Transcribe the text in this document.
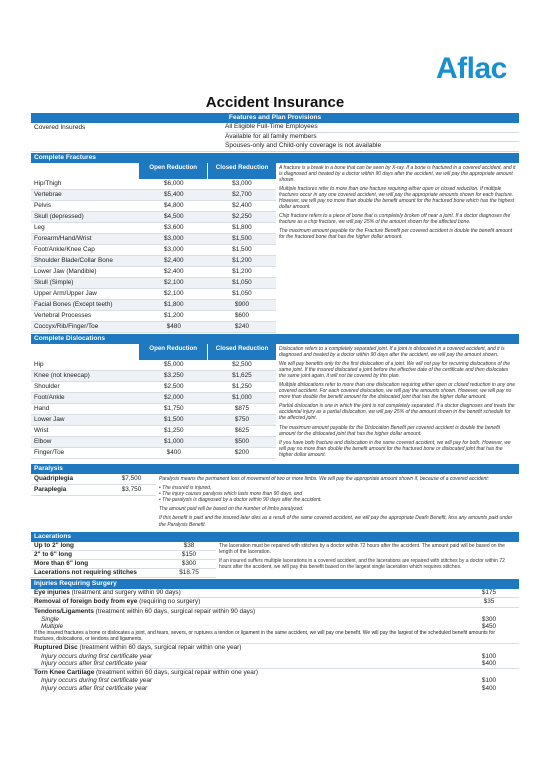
Aflac
Accident Insurance
Features and Plan Provisions
Covered Insureds	All Eligible Full-Time Employees
Available for all family members
Spouses-only and Child-only coverage is not available
Complete Fractures
Open Reduction	Closed Reduction
Hip/Thigh	$6,000	$3,000
Vertebrae	$5,400	$2,700
Pelvis	$4,800	$2,400
Skull (depressed)	$4,500	$2,250
Leg	$3,600	$1,800
Forearm/Hand/Wrist	$3,000	$1,500
Foot/Ankle/Knee Cap	$3,000	$1,500
Shoulder Blade/Collar Bone	$2,400	$1,200
Lower Jaw (Mandible)	$2,400	$1,200
Skull (Simple)	$2,100	$1,050
Upper Arm/Upper Jaw	$2,100	$1,050
Facial Bones (Except teeth)	$1,800	$900
Vertebral Processes	$1,200	$600
Coccyx/Rib/Finger/Toe	$480	$240

A fracture is a break in a bone that can be seen by X-ray. If a bone is fractured in a covered accident, and it is diagnosed and treated by a doctor within 90 days after the accident, we will pay the appropriate amount shown.

Multiple fractures refer to more than one fracture requiring either open or closed reduction. If multiple fractures occur in any one covered accident, we will pay the appropriate amounts shown for each fracture. However, we will pay no more than double the benefit amount for the fractured bone which has the highest dollar amount.

Chip fracture refers to a piece of bone that is completely broken off near a joint. If a doctor diagnoses the fracture as a chip fracture, we will pay 25% of the amount shown for the affected bone.

The maximum amount payable for the Fracture Benefit per covered accident is double the benefit amount for the fractured bone that has the higher dollar amount.

Complete Dislocations
Open Reduction	Closed Reduction
Hip	$5,000	$2,500
Knee (not kneecap)	$3,250	$1,625
Shoulder	$2,500	$1,250
Foot/Ankle	$2,000	$1,000
Hand	$1,750	$875
Lower Jaw	$1,500	$750
Wrist	$1,250	$625
Elbow	$1,000	$500
Finger/Toe	$400	$200

Dislocation refers to a completely separated joint. If a joint is dislocated in a covered accident, and it is diagnosed and treated by a doctor within 90 days after the accident, we will pay the amount shown.

We will pay benefits only for the first dislocation of a joint. We will not pay for recurring dislocations of the same joint. If the insured dislocated a joint before the effective date of the certificate and then dislocates the same joint again, it will not be covered by this plan.

Multiple dislocations refer to more than one dislocation requiring either open or closed reduction in any one covered accident. For each covered dislocation, we will pay the amounts shown. However, we will pay no more than double the benefit amount for the dislocated joint that has the higher dollar amount.

Partial dislocation is one in which the joint is not completely separated. If a doctor diagnoses and treats the accidental injury as a partial dislocation, we will pay 25% of the amount shown in the benefit schedule for the affected joint.

The maximum amount payable for the Dislocation Benefit per covered accident is double the benefit amount for the dislocated joint that has the higher dollar amount.

If you have both fracture and dislocation in the same covered accident, we will pay for both. However, we will pay no more than double the benefit amount for the fractured bone or dislocated joint that has the higher dollar amount.

Paralysis
Quadriplegia	$7,500
Paraplegia	$3,750

Paralysis means the permanent loss of movement of two or more limbs. We will pay the appropriate amount shown if, because of a covered accident:

• The insured is injured,
• The injury causes paralysis which lasts more than 90 days, and
• The paralysis is diagnosed by a doctor within 90 days after the accident.

The amount paid will be based on the number of limbs paralyzed.

If this benefit is paid and the insured later dies as a result of the same covered accident, we will pay the appropriate Death Benefit, less any amounts paid under the Paralysis Benefit.

Lacerations
Up to 2" long	$38
2" to 6" long	$150
More than 6" long	$300
Lacerations not requiring stitches	$18.75

The laceration must be repaired with stitches by a doctor within 72 hours after the accident. The amount paid will be based on the length of the laceration.

If an insured suffers multiple lacerations in a covered accident, and the lacerations are repaired with stitches by a doctor within 72 hours after the accident, we will pay this benefit based on the largest single laceration which requires stitches.

Injuries Requiring Surgery
Eye injuries (treatment and surgery within 90 days)	$175
Removal of foreign body from eye (requiring no surgery)	$35
Tendons/Ligaments (treatment within 60 days, surgical repair within 90 days)
Single	$300
Multiple	$450
If the insured fractures a bone or dislocates a joint, and tears, severs, or ruptures a tendon or ligament in the same accident, we will pay one benefit. We will pay the largest of the scheduled benefit amounts for fractures, dislocations, or tendons and ligaments.
Ruptured Disc (treatment within 60 days, surgical repair within one year)
Injury occurs during first certificate year	$100
Injury occurs after first certificate year	$400
Torn Knee Cartilage (treatment within 60 days, surgical repair within one year)
Injury occurs during first certificate year	$100
Injury occurs after first certificate year	$400
